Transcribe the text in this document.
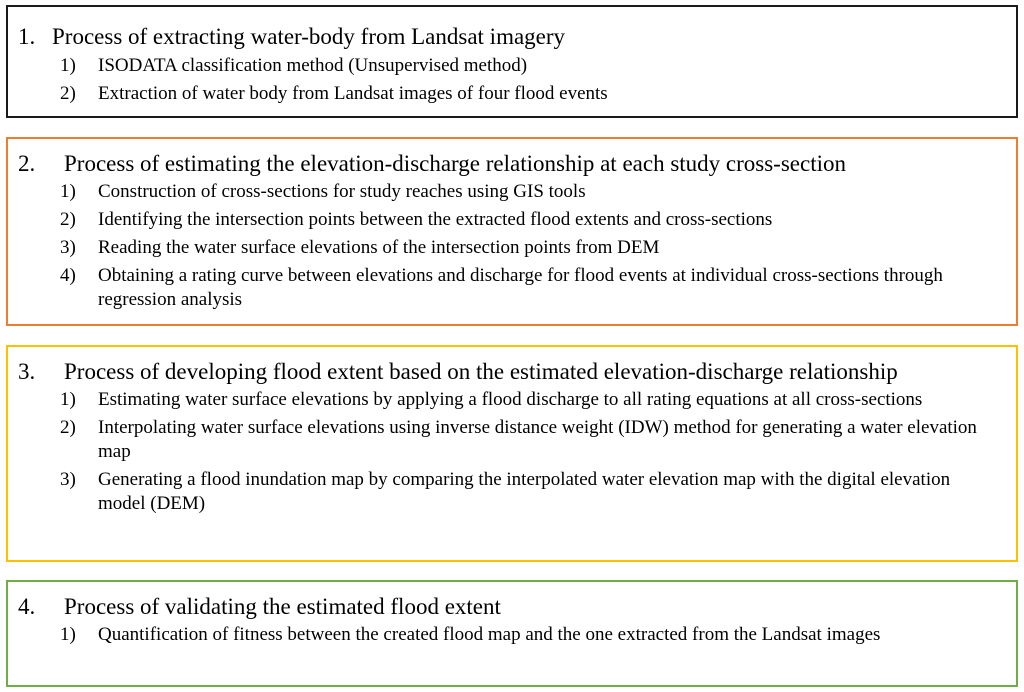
1. Process of extracting water-body from Landsat imagery
1)	ISODATA classification method (Unsupervised method)
2)	Extraction of water body from Landsat images of four flood events
2. Process of estimating the elevation-discharge relationship at each study cross-section
1)	Construction of cross-sections for study reaches using GIS tools
2)	Identifying the intersection points between the extracted flood extents and cross-sections
3)	Reading the water surface elevations of the intersection points from DEM
4)	Obtaining a rating curve between elevations and discharge for flood events at individual cross-sections through regression analysis
3. Process of developing flood extent based on the estimated elevation-discharge relationship
1)	Estimating water surface elevations by applying a flood discharge to all rating equations at all cross-sections
2)	Interpolating water surface elevations using inverse distance weight (IDW) method for generating a water elevation map
3)	Generating a flood inundation map by comparing the interpolated water elevation map with the digital elevation model (DEM)
4. Process of validating the estimated flood extent
1)	Quantification of fitness between the created flood map and the one extracted from the Landsat images
